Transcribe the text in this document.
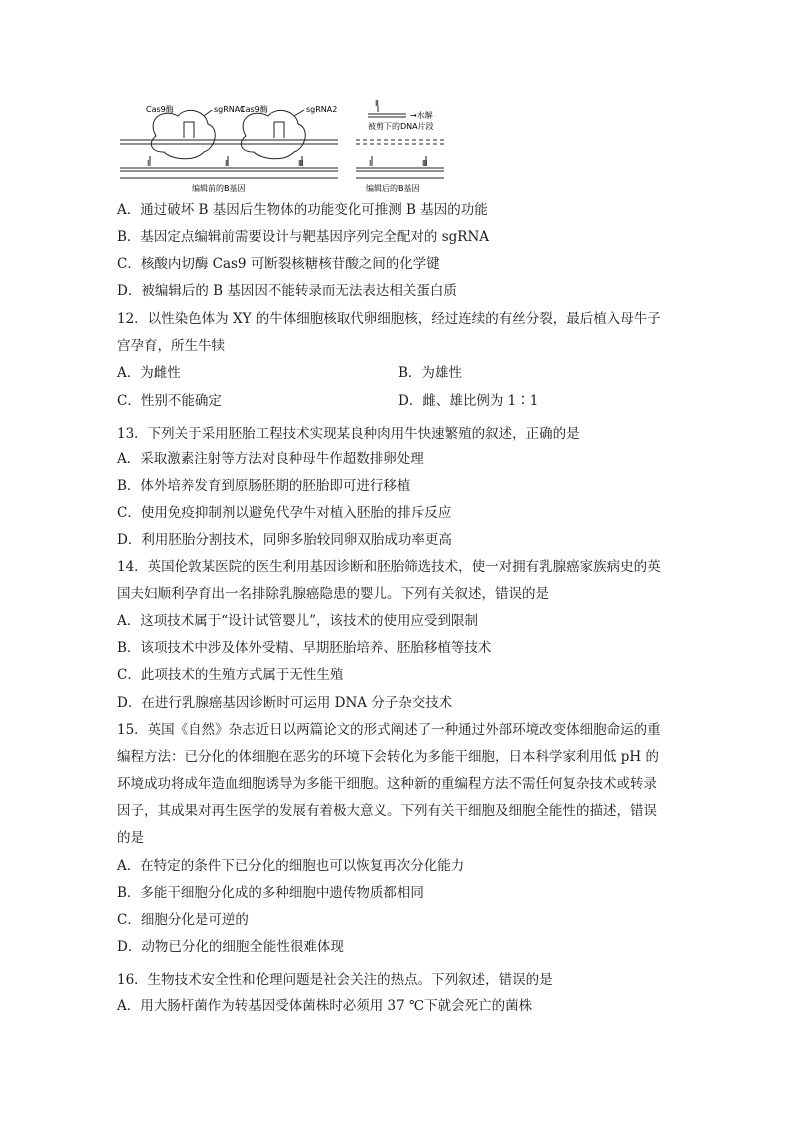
Cas9酶	sgRNA1
Cas9酶	sgRNA2
Ⅰ	Ⅱ	Ⅲ
编辑前的B基因
Ⅱ
→水解
被剪下的DNA片段
Ⅰ	Ⅲ
编辑后的B基因
A．通过破坏 B 基因后生物体的功能变化可推测 B 基因的功能
B．基因定点编辑前需要设计与靶基因序列完全配对的 sgRNA
C．核酸内切酶 Cas9 可断裂核糖核苷酸之间的化学键
D．被编辑后的 B 基因因不能转录而无法表达相关蛋白质
12．以性染色体为 XY 的牛体细胞核取代卵细胞核，经过连续的有丝分裂，最后植入母牛子
宫孕育，所生牛犊
A．为雌性	B．为雄性
C．性别不能确定	D．雌、雄比例为 1∶1
13．下列关于采用胚胎工程技术实现某良种肉用牛快速繁殖的叙述，正确的是
A．采取激素注射等方法对良种母牛作超数排卵处理
B．体外培养发育到原肠胚期的胚胎即可进行移植
C．使用免疫抑制剂以避免代孕牛对植入胚胎的排斥反应
D．利用胚胎分割技术，同卵多胎较同卵双胎成功率更高
14．英国伦敦某医院的医生利用基因诊断和胚胎筛选技术，使一对拥有乳腺癌家族病史的英
国夫妇顺利孕育出一名排除乳腺癌隐患的婴儿。下列有关叙述，错误的是
A．这项技术属于“设计试管婴儿”，该技术的使用应受到限制
B．该项技术中涉及体外受精、早期胚胎培养、胚胎移植等技术
C．此项技术的生殖方式属于无性生殖
D．在进行乳腺癌基因诊断时可运用 DNA 分子杂交技术
15．英国《自然》杂志近日以两篇论文的形式阐述了一种通过外部环境改变体细胞命运的重
编程方法：已分化的体细胞在恶劣的环境下会转化为多能干细胞，日本科学家利用低 pH 的
环境成功将成年造血细胞诱导为多能干细胞。这种新的重编程方法不需任何复杂技术或转录
因子，其成果对再生医学的发展有着极大意义。下列有关干细胞及细胞全能性的描述，错误
的是
A．在特定的条件下已分化的细胞也可以恢复再次分化能力
B．多能干细胞分化成的多种细胞中遗传物质都相同
C．细胞分化是可逆的
D．动物已分化的细胞全能性很难体现
16．生物技术安全性和伦理问题是社会关注的热点。下列叙述，错误的是
A．用大肠杆菌作为转基因受体菌株时必须用 37 ℃下就会死亡的菌株
